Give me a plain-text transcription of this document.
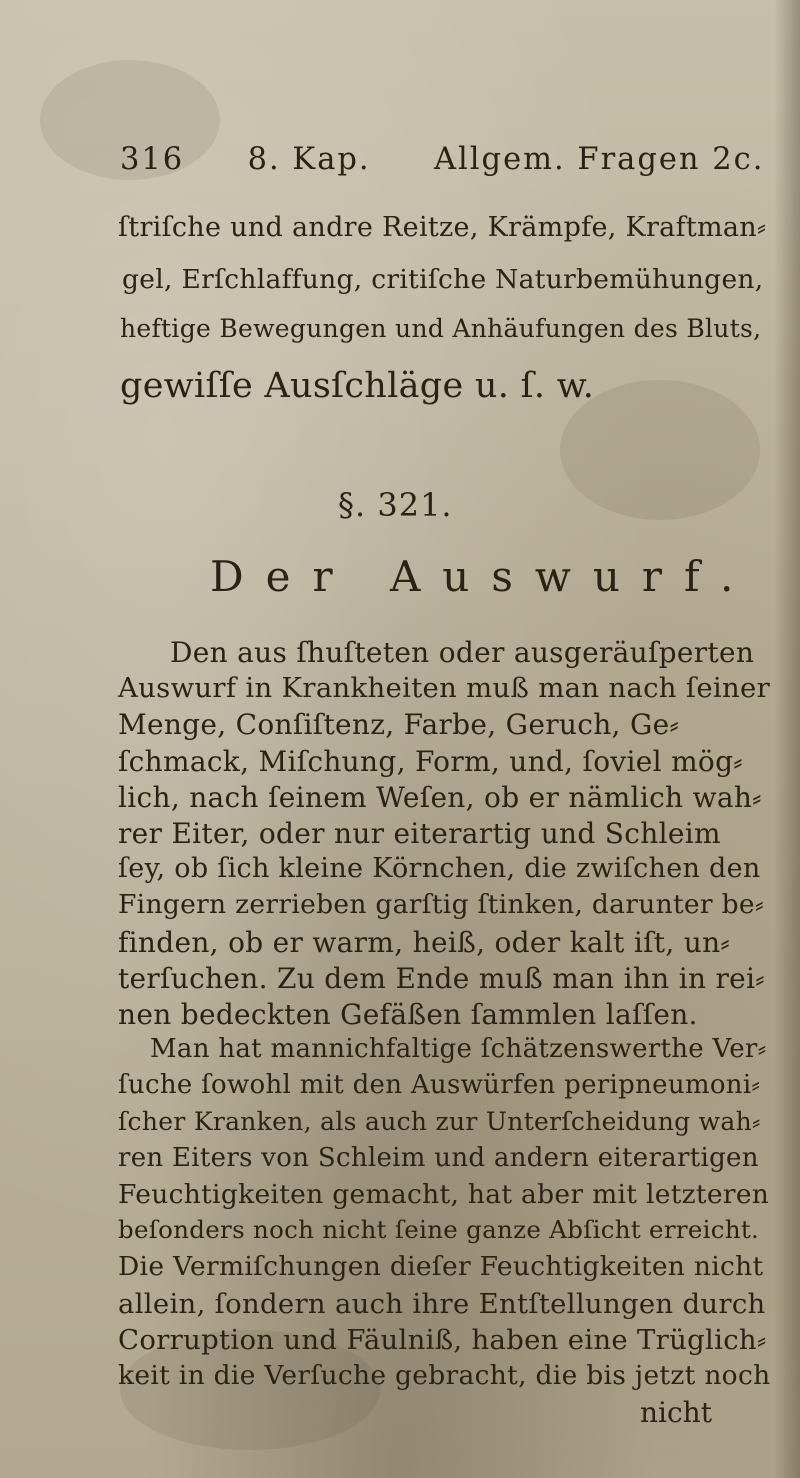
316 8. Kap. Allgem. Fragen 2c.
ſtriſche und andre Reitze, Krämpfe, Kraftman⸗
gel, Erſchlaffung, critiſche Naturbemühungen,
heftige Bewegungen und Anhäufungen des Bluts,
gewiſſe Ausſchläge u. ſ. w.
§. 321.
Der Auswurf.
Den aus ſhuſteten oder ausgeräuſperten
Auswurf in Krankheiten muß man nach ſeiner
Menge, Conſiſtenz, Farbe, Geruch, Ge⸗
ſchmack, Miſchung, Form, und, ſoviel mög⸗
lich, nach ſeinem Weſen, ob er nämlich wah⸗
rer Eiter, oder nur eiterartig und Schleim
ſey, ob ſich kleine Körnchen, die zwiſchen den
Fingern zerrieben garſtig ſtinken, darunter be⸗
finden, ob er warm, heiß, oder kalt iſt, un⸗
terſuchen. Zu dem Ende muß man ihn in rei⸗
nen bedeckten Gefäßen ſammlen laſſen.
Man hat mannichfaltige ſchätzenswerthe Ver⸗
ſuche ſowohl mit den Auswürfen peripneumoni⸗
ſcher Kranken, als auch zur Unterſcheidung wah⸗
ren Eiters von Schleim und andern eiterartigen
Feuchtigkeiten gemacht, hat aber mit letzteren
beſonders noch nicht ſeine ganze Abſicht erreicht.
Die Vermiſchungen dieſer Feuchtigkeiten nicht
allein, ſondern auch ihre Entſtellungen durch
Corruption und Fäulniß, haben eine Trüglich⸗
keit in die Verſuche gebracht, die bis jetzt noch
nicht
